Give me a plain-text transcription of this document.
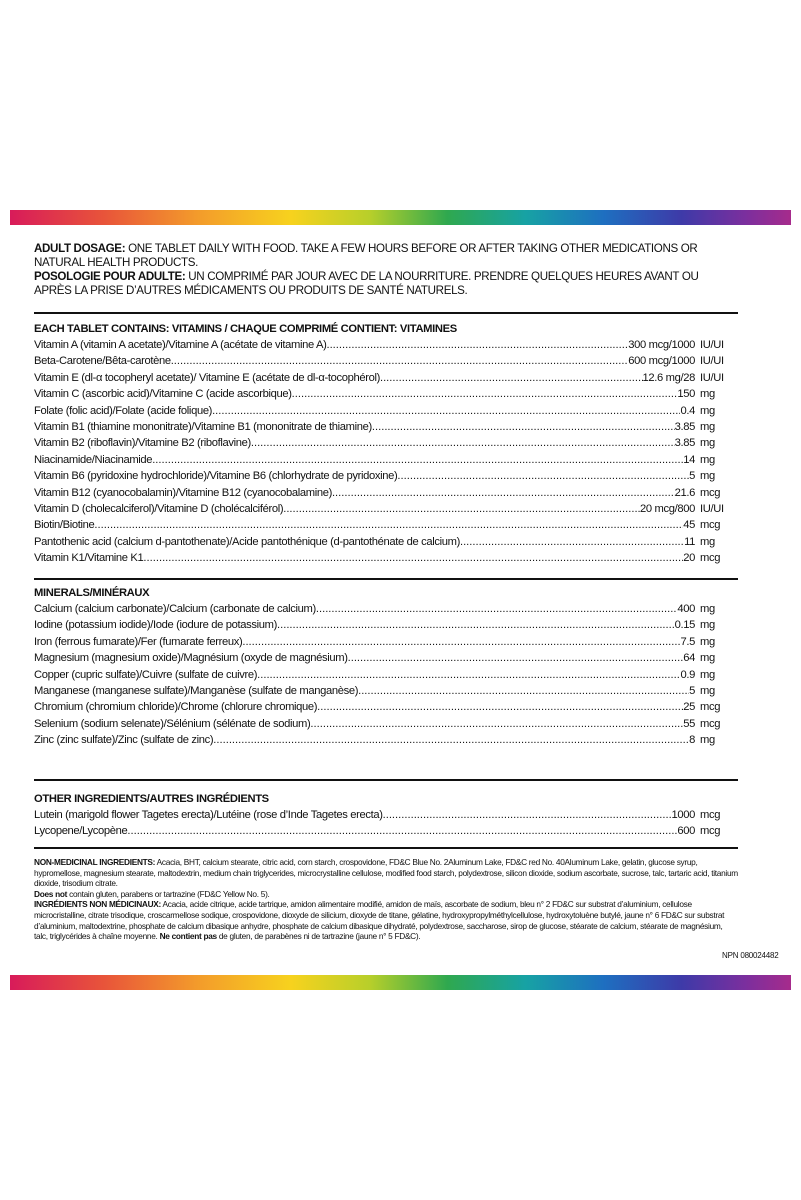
ADULT DOSAGE: ONE TABLET DAILY WITH FOOD. TAKE A FEW HOURS BEFORE OR AFTER TAKING OTHER MEDICATIONS OR NATURAL HEALTH PRODUCTS.

POSOLOGIE POUR ADULTE: UN COMPRIMÉ PAR JOUR AVEC DE LA NOURRITURE. PRENDRE QUELQUES HEURES AVANT OU APRÈS LA PRISE D’AUTRES MÉDICAMENTS OU PRODUITS DE SANTÉ NATURELS.

EACH TABLET CONTAINS: VITAMINS / CHAQUE COMPRIMÉ CONTIENT: VITAMINES
Vitamin A (vitamin A acetate)/Vitamine A (acétate de vitamine A) .....	300 mcg/1000 IU/UI
Beta-Carotene/Bêta-carotène .....	600 mcg/1000 IU/UI
Vitamin E (dl-α tocopheryl acetate)/ Vitamine E (acétate de dl-α-tocophérol) .....	12.6 mg/28 IU/UI
Vitamin C (ascorbic acid)/Vitamine C (acide ascorbique) .....	150 mg
Folate (folic acid)/Folate (acide folique) .....	0.4 mg
Vitamin B1 (thiamine mononitrate)/Vitamine B1 (mononitrate de thiamine) .....	3.85 mg
Vitamin B2 (riboflavin)/Vitamine B2 (riboflavine) .....	3.85 mg
Niacinamide/Niacinamide .....	14 mg
Vitamin B6 (pyridoxine hydrochloride)/Vitamine B6 (chlorhydrate de pyridoxine) .....	5 mg
Vitamin B12 (cyanocobalamin)/Vitamine B12 (cyanocobalamine) .....	21.6 mcg
Vitamin D (cholecalciferol)/Vitamine D (cholécalciférol) .....	20 mcg/800 IU/UI
Biotin/Biotine .....	45 mcg
Pantothenic acid (calcium d-pantothenate)/Acide pantothénique (d-pantothénate de calcium) .....	11 mg
Vitamin K1/Vitamine K1 .....	20 mcg
MINERALS/MINÉRAUX
Calcium (calcium carbonate)/Calcium (carbonate de calcium) .....	400 mg
Iodine (potassium iodide)/Iode (iodure de potassium) .....	0.15 mg
Iron (ferrous fumarate)/Fer (fumarate ferreux) .....	7.5 mg
Magnesium (magnesium oxide)/Magnésium (oxyde de magnésium) .....	64 mg
Copper (cupric sulfate)/Cuivre (sulfate de cuivre) .....	0.9 mg
Manganese (manganese sulfate)/Manganèse (sulfate de manganèse) .....	5 mg
Chromium (chromium chloride)/Chrome (chlorure chromique) .....	25 mcg
Selenium (sodium selenate)/Sélénium (sélénate de sodium) .....	55 mcg
Zinc (zinc sulfate)/Zinc (sulfate de zinc) .....	8 mg
OTHER INGREDIENTS/AUTRES INGRÉDIENTS
Lutein (marigold flower Tagetes erecta)/Lutéine (rose d’Inde Tagetes erecta) .....	1000 mcg
Lycopene/Lycopène .....	600 mcg

NON-MEDICINAL INGREDIENTS: Acacia, BHT, calcium stearate, citric acid, corn starch, crospovidone, FD&C Blue No. 2Aluminum Lake, FD&C red No. 40Aluminum Lake, gelatin, glucose syrup, hypromellose, magnesium stearate, maltodextrin, medium chain triglycerides, microcrystalline cellulose, modified food starch, polydextrose, silicon dioxide, sodium ascorbate, sucrose, talc, tartaric acid, titanium dioxide, trisodium citrate.

Does not contain gluten, parabens or tartrazine (FD&C Yellow No. 5).

INGRÉDIENTS NON MÉDICINAUX: Acacia, acide citrique, acide tartrique, amidon alimentaire modifié, amidon de maïs, ascorbate de sodium, bleu n° 2 FD&C sur substrat d’aluminium, cellulose microcristalline, citrate trisodique, croscarmellose sodique, crospovidone, dioxyde de silicium, dioxyde de titane, gélatine, hydroxypropylméthylcellulose, hydroxytoluène butylé, jaune n° 6 FD&C sur substrat d’aluminium, maltodextrine, phosphate de calcium dibasique anhydre, phosphate de calcium dibasique dihydraté, polydextrose, saccharose, sirop de glucose, stéarate de calcium, stéarate de magnésium, talc, triglycérides à chaîne moyenne. Ne contient pas de gluten, de parabènes ni de tartrazine (jaune n° 5 FD&C).

NPN 080024482
